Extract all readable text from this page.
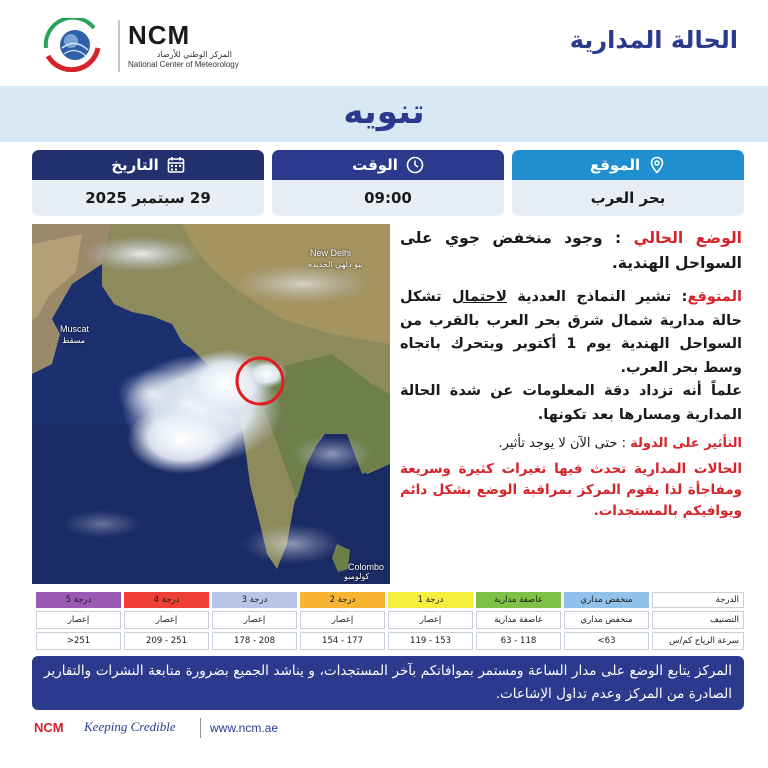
NCM
المركز الوطني للأرصاد
National Center of Meteorology
الحالة المدارية
تنويه
التاريخ
29 سبتمبر 2025
الوقت
09:00
الموقع
بحر العرب
New Delhi
نيو دلهي الجديدة
Muscat
مسقط
Colombo
كولومبو

الوضع الحالي : وجود منخفض جوي على السواحل الهندية.

المتوقع: تشير النماذج العددية لاحتمال تشكل حالة مدارية شمال شرق بحر العرب بالقرب من السواحل الهندية يوم 1 أكتوبر ويتحرك باتجاه وسط بحر العرب.

علماً أنه تزداد دقة المعلومات عن شدة الحالة المدارية ومسارها بعد تكونها.

التأثير على الدولة : حتى الآن لا يوجد تأثير.

الحالات المدارية تحدث فيها تغيرات كثيرة وسريعة ومفاجأة لذا يقوم المركز بمراقبة الوضع بشكل دائم ويوافيكم بالمستجدات.

الدرجة
التصنيف
سرعة الرياح كم/س
منخفض مداري
منخفض مداري
63>
عاصفة مدارية
عاصفة مدارية
118 - 63
درجة 1
إعصار
153 - 119
درجة 2
إعصار
177 - 154
درجة 3
إعصار
208 - 178
درجة 4
إعصار
251 - 209
درجة 5
إعصار
251<
المركز يتابع الوضع على مدار الساعة ومستمر بموافاتكم بآخر المستجدات، و يناشد الجميع بضرورة متابعة النشرات والتقارير الصادرة من المركز وعدم تداول الإشاعات.
NCM Keeping Credible	www.ncm.ae
